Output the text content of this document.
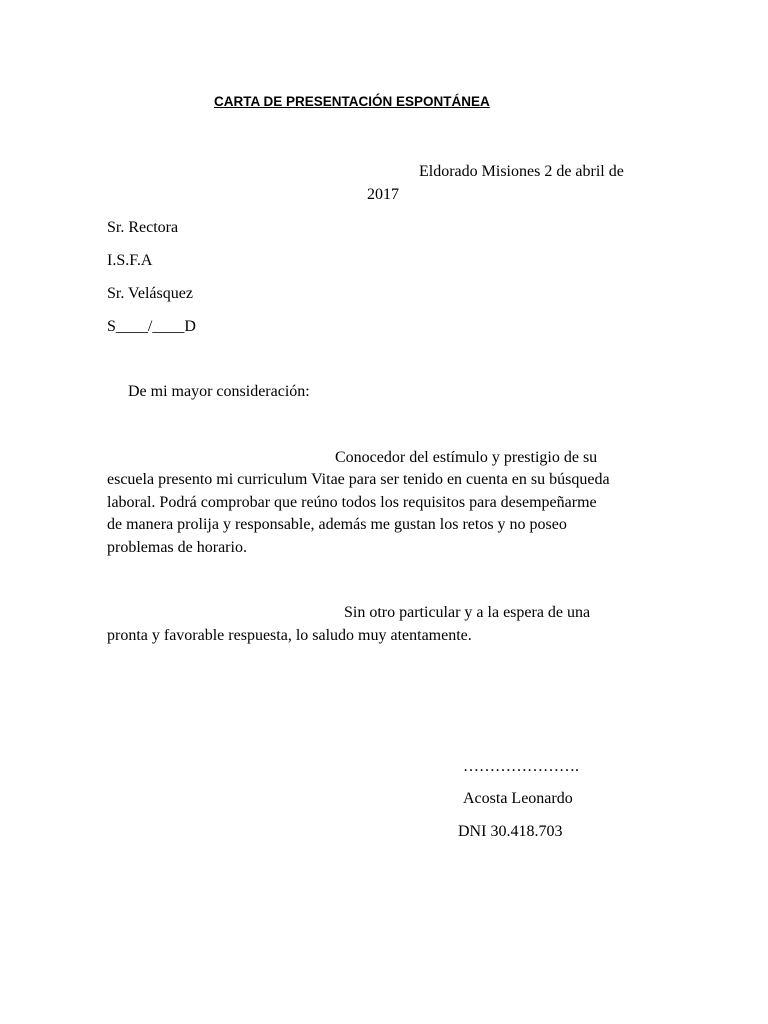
CARTA DE PRESENTACIÓN ESPONTÁNEA
Eldorado Misiones 2 de abril de
2017
Sr. Rectora
I.S.F.A
Sr. Velásquez
S____/____D
De mi mayor consideración:
Conocedor del estímulo y prestigio de su
escuela presento mi curriculum Vitae para ser tenido en cuenta en su búsqueda
laboral. Podrá comprobar que reúno todos los requisitos para desempeñarme
de manera prolija y responsable, además me gustan los retos y no poseo
problemas de horario.
Sin otro particular y a la espera de una
pronta y favorable respuesta, lo saludo muy atentamente.
………………….
Acosta Leonardo
DNI 30.418.703
